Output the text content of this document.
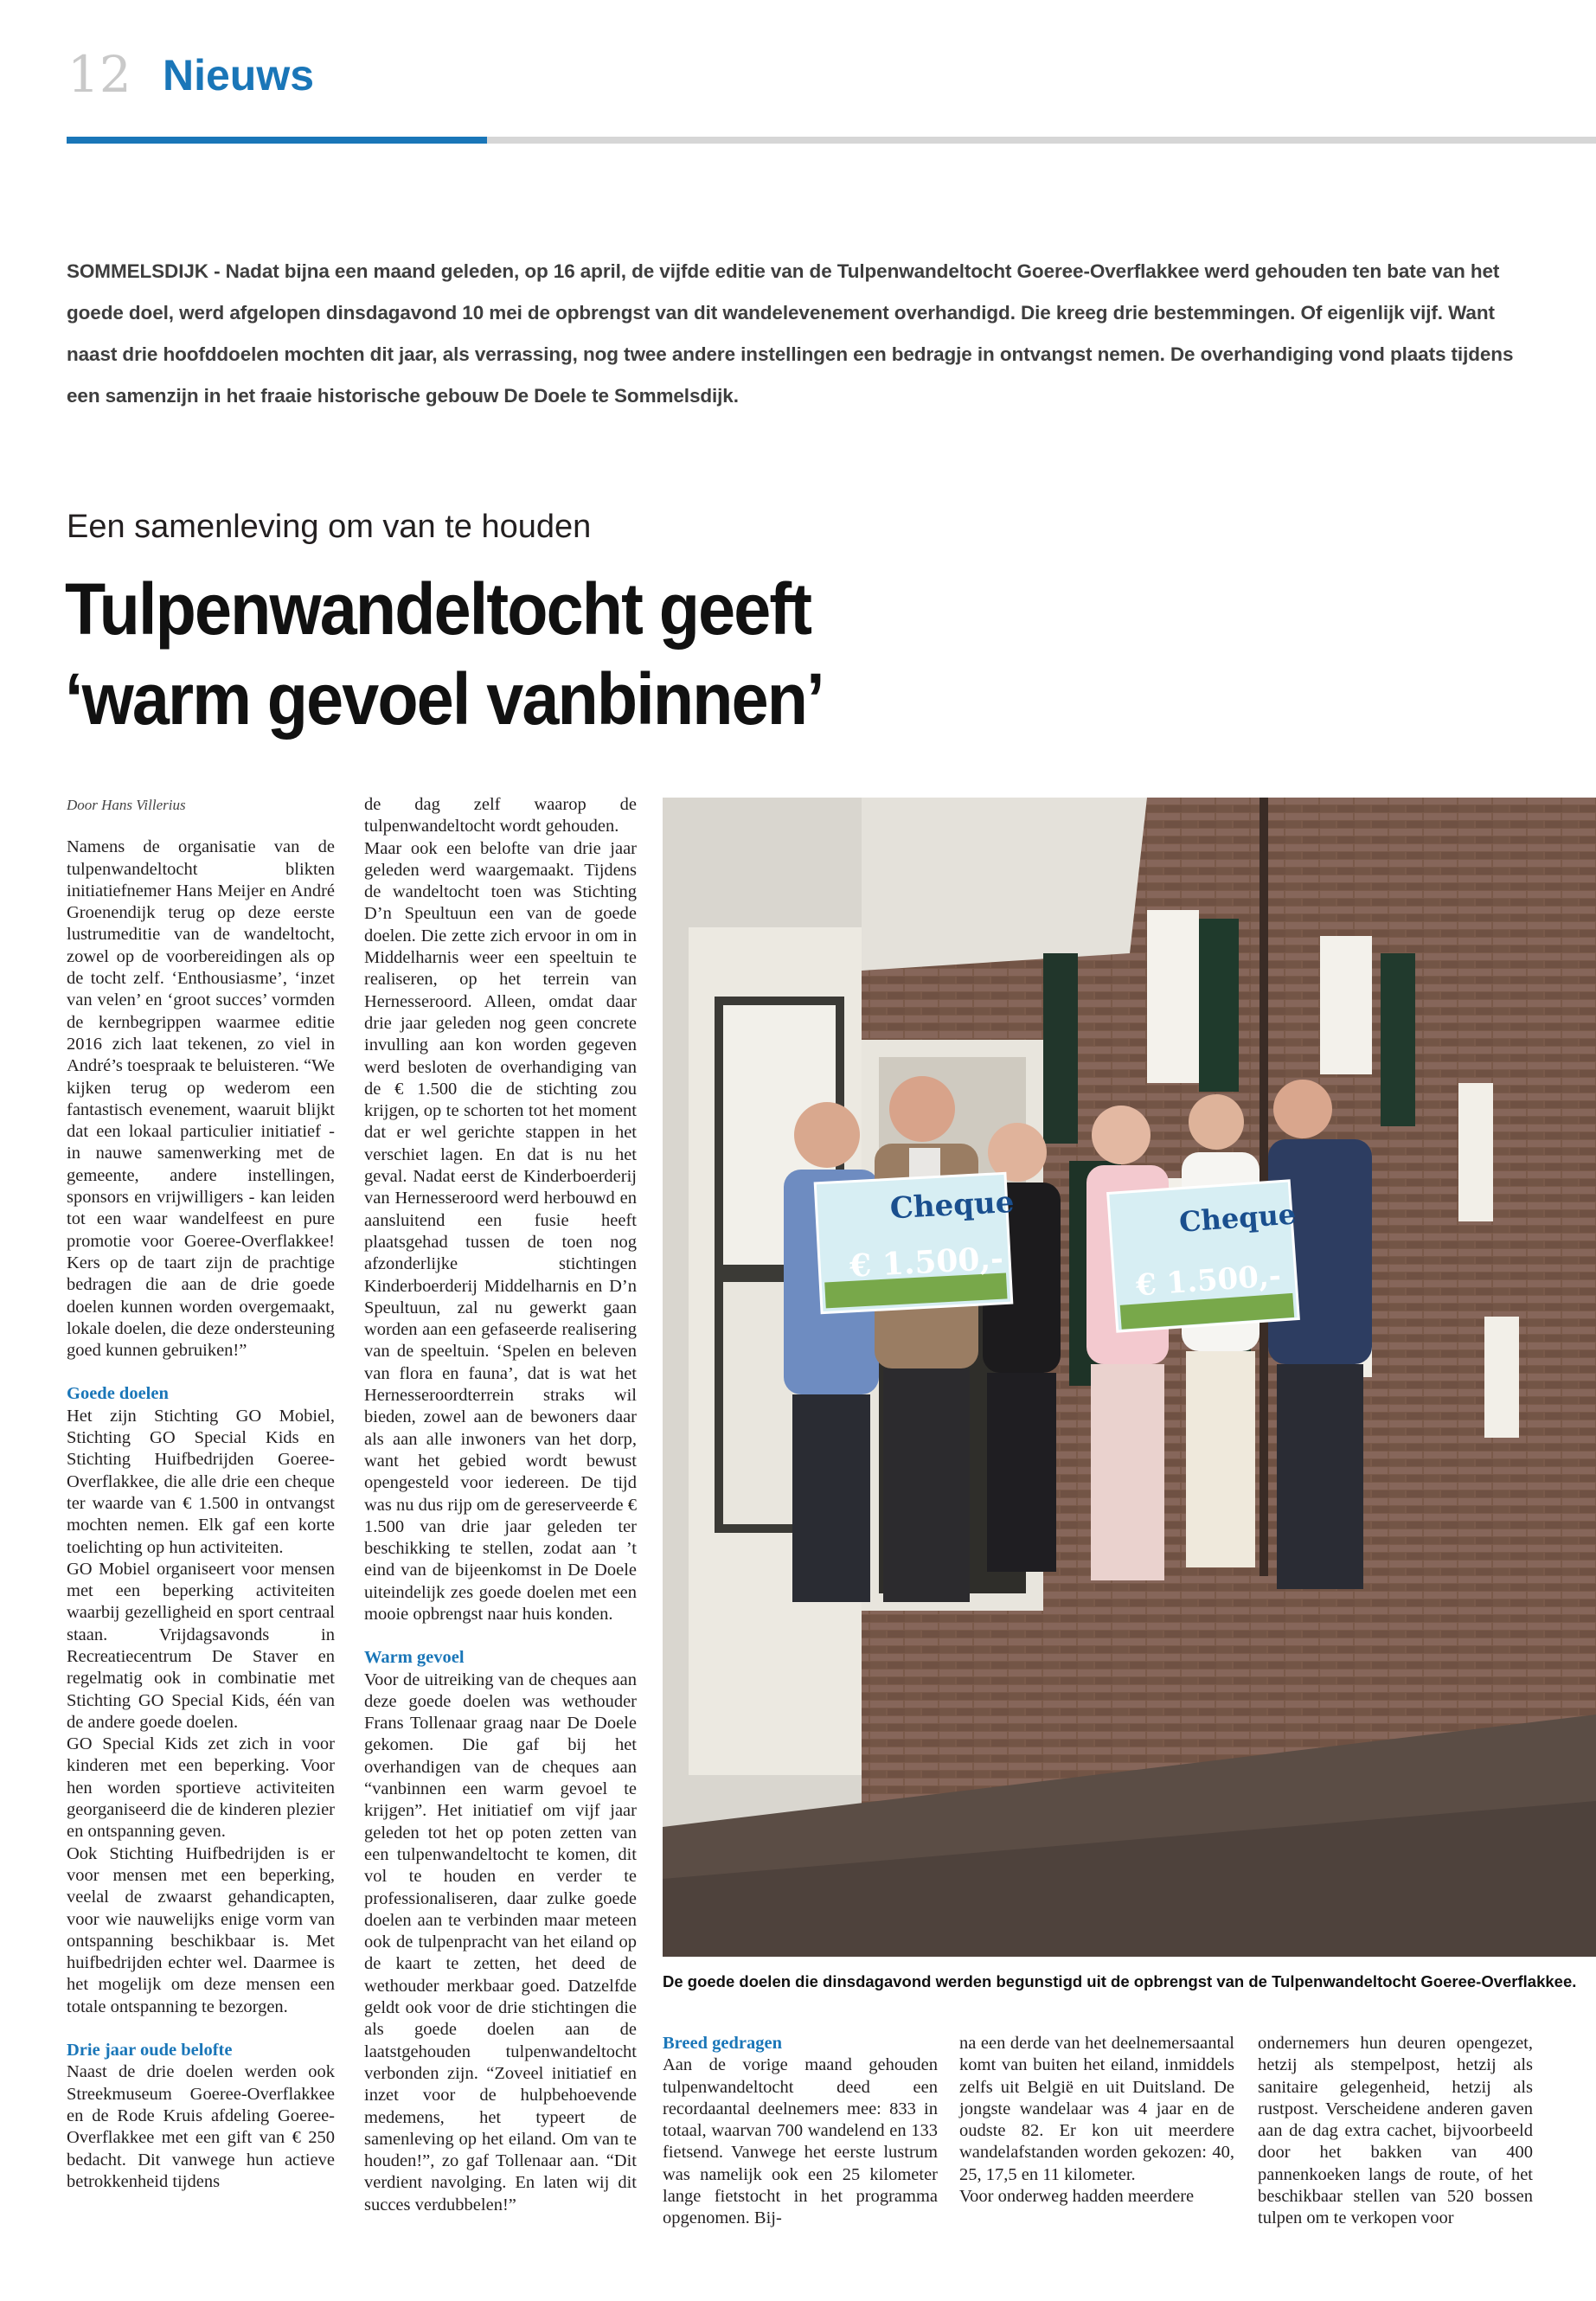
12 Nieuws
SOMMELSDIJK - Nadat bijna een maand geleden, op 16 april, de vijfde editie van de Tulpenwandeltocht Goeree-Overflakkee werd gehouden ten bate van het goede doel, werd afgelopen dinsdagavond 10 mei de opbrengst van dit wandelevenement overhandigd. Die kreeg drie bestemmingen. Of eigenlijk vijf. Want naast drie hoofddoelen mochten dit jaar, als verrassing, nog twee andere instellingen een bedragje in ontvangst nemen. De overhandiging vond plaats tijdens een samenzijn in het fraaie historische gebouw De Doele te Sommelsdijk.
Een samenleving om van te houden
Tulpenwandeltocht geeft
‘warm gevoel vanbinnen’

Door Hans Villerius

Namens de organisatie van de tulpenwandeltocht blikten initiatiefnemer Hans Meijer en André Groenendijk terug op deze eerste lustrumeditie van de wandeltocht, zowel op de voorbereidingen als op de tocht zelf. ‘Enthousiasme’, ‘inzet van velen’ en ‘groot succes’ vormden de kernbegrippen waarmee editie 2016 zich laat tekenen, zo viel in André’s toespraak te beluisteren. “We kijken terug op wederom een fantastisch evenement, waaruit blijkt dat een lokaal particulier initiatief - in nauwe samenwerking met de gemeente, andere instellingen, sponsors en vrijwilligers - kan leiden tot een waar wandelfeest en pure promotie voor Goeree-Overflakkee! Kers op de taart zijn de prachtige bedragen die aan de drie goede doelen kunnen worden overgemaakt, lokale doelen, die deze ondersteuning goed kunnen gebruiken!”

Goede doelen

Het zijn Stichting GO Mobiel, Stichting GO Special Kids en Stichting Huifbedrijden Goeree-Overflakkee, die alle drie een cheque ter waarde van € 1.500 in ontvangst mochten nemen. Elk gaf een korte toelichting op hun activiteiten.

GO Mobiel organiseert voor mensen met een beperking activiteiten waarbij gezelligheid en sport centraal staan. Vrijdagsavonds in Recreatiecentrum De Staver en regelmatig ook in combinatie met Stichting GO Special Kids, één van de andere goede doelen.

GO Special Kids zet zich in voor kinderen met een beperking. Voor hen worden sportieve activiteiten georganiseerd die de kinderen plezier en ontspanning geven.

Ook Stichting Huifbedrijden is er voor mensen met een beperking, veelal de zwaarst gehandicapten, voor wie nauwelijks enige vorm van ontspanning beschikbaar is. Met huifbedrijden echter wel. Daarmee is het mogelijk om deze mensen een totale ontspanning te bezorgen.

Drie jaar oude belofte

Naast de drie doelen werden ook Streekmuseum Goeree-Overflakkee en de Rode Kruis afdeling Goeree-Overflakkee met een gift van € 250 bedacht. Dit vanwege hun actieve betrokkenheid tijdens

de dag zelf waarop de tulpenwandeltocht wordt gehouden.

Maar ook een belofte van drie jaar geleden werd waargemaakt. Tijdens de wandeltocht toen was Stichting D’n Speultuun een van de goede doelen. Die zette zich ervoor in om in Middelharnis weer een speeltuin te realiseren, op het terrein van Hernesseroord. Alleen, omdat daar drie jaar geleden nog geen concrete invulling aan kon worden gegeven werd besloten de overhandiging van de € 1.500 die de stichting zou krijgen, op te schorten tot het moment dat er wel gerichte stappen in het verschiet lagen. En dat is nu het geval. Nadat eerst de Kinderboerderij van Hernesseroord werd herbouwd en aansluitend een fusie heeft plaatsgehad tussen de toen nog afzonderlijke stichtingen Kinderboerderij Middelharnis en D’n Speultuun, zal nu gewerkt gaan worden aan een gefaseerde realisering van de speeltuin. ‘Spelen en beleven van flora en fauna’, dat is wat het Hernesseroordterrein straks wil bieden, zowel aan de bewoners daar als aan alle inwoners van het dorp, want het gebied wordt bewust opengesteld voor iedereen. De tijd was nu dus rijp om de gereserveerde € 1.500 van drie jaar geleden ter beschikking te stellen, zodat aan ’t eind van de bijeenkomst in De Doele uiteindelijk zes goede doelen met een mooie opbrengst naar huis konden.

Warm gevoel

Voor de uitreiking van de cheques aan deze goede doelen was wethouder Frans Tollenaar graag naar De Doele gekomen. Die gaf bij het overhandigen van de cheques aan “vanbinnen een warm gevoel te krijgen”. Het initiatief om vijf jaar geleden tot het op poten zetten van een tulpenwandeltocht te komen, dit vol te houden en verder te professionaliseren, daar zulke goede doelen aan te verbinden maar meteen ook de tulpenpracht van het eiland op de kaart te zetten, het deed de wethouder merkbaar goed. Datzelfde geldt ook voor de drie stichtingen die als goede doelen aan de laatstgehouden tulpenwandeltocht verbonden zijn. “Zoveel initiatief en inzet voor de hulpbehoevende medemens, het typeert de samenleving op het eiland. Om van te houden!”, zo gaf Tollenaar aan. “Dit verdient navolging. En laten wij dit succes verdubbelen!”

Cheque
€ 1.500,-
Cheque
€ 1.500,-
De goede doelen die dinsdagavond werden begunstigd uit de opbrengst van de Tulpenwandeltocht Goeree-Overflakkee.

Breed gedragen

Aan de vorige maand gehouden tulpenwandeltocht deed een recordaantal deelnemers mee: 833 in totaal, waarvan 700 wandelend en 133 fietsend. Vanwege het eerste lustrum was namelijk ook een 25 kilometer lange fietstocht in het programma opgenomen. Bij-

na een derde van het deelnemersaantal komt van buiten het eiland, inmiddels zelfs uit België en uit Duitsland. De jongste wandelaar was 4 jaar en de oudste 82. Er kon uit meerdere wandelafstanden worden gekozen: 40, 25, 17,5 en 11 kilometer.

Voor onderweg hadden meerdere

ondernemers hun deuren opengezet, hetzij als stempelpost, hetzij als sanitaire gelegenheid, hetzij als rustpost. Verscheidene anderen gaven aan de dag extra cachet, bijvoorbeeld door het bakken van 400 pannenkoeken langs de route, of het beschikbaar stellen van 520 bossen tulpen om te verkopen voor
